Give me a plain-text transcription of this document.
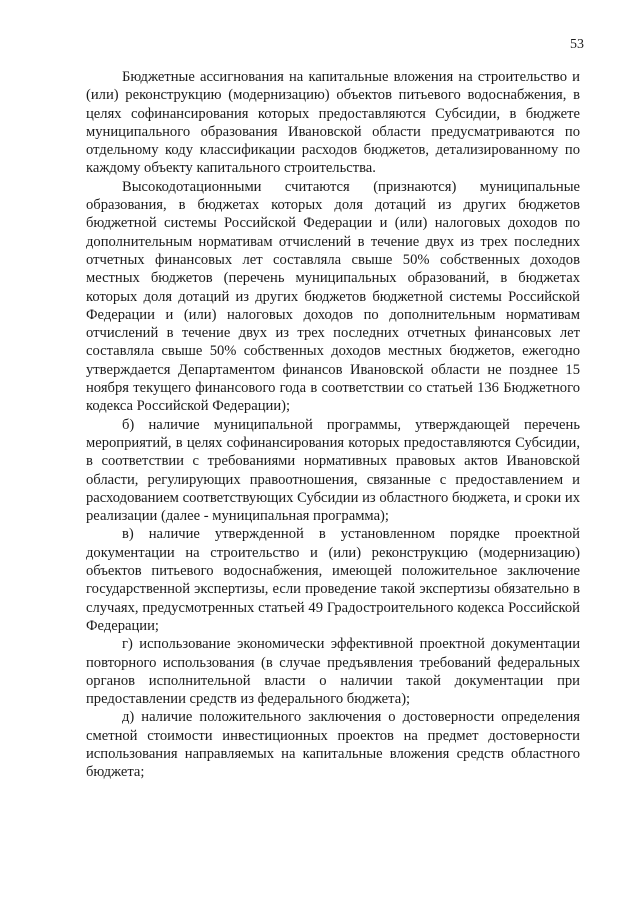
53

Бюджетные ассигнования на капитальные вложения на строительство и (или) реконструкцию (модернизацию) объектов питьевого водоснабжения, в целях софинансирования которых предоставляются Субсидии, в бюджете муниципального образования Ивановской области предусматриваются по отдельному коду классификации расходов бюджетов, детализированному по каждому объекту капитального строительства.

Высокодотационными считаются (признаются) муниципальные образования, в бюджетах которых доля дотаций из других бюджетов бюджетной системы Российской Федерации и (или) налоговых доходов по дополнительным нормативам отчислений в течение двух из трех последних отчетных финансовых лет составляла свыше 50% собственных доходов местных бюджетов (перечень муниципальных образований, в бюджетах которых доля дотаций из других бюджетов бюджетной системы Российской Федерации и (или) налоговых доходов по дополнительным нормативам отчислений в течение двух из трех последних отчетных финансовых лет составляла свыше 50% собственных доходов местных бюджетов, ежегодно утверждается Департаментом финансов Ивановской области не позднее 15 ноября текущего финансового года в соответствии со статьей 136 Бюджетного кодекса Российской Федерации);

б) наличие муниципальной программы, утверждающей перечень мероприятий, в целях софинансирования которых предоставляются Субсидии, в соответствии с требованиями нормативных правовых актов Ивановской области, регулирующих правоотношения, связанные с предоставлением и расходованием соответствующих Субсидии из областного бюджета, и сроки их реализации (далее - муниципальная программа);

в) наличие утвержденной в установленном порядке проектной документации на строительство и (или) реконструкцию (модернизацию) объектов питьевого водоснабжения, имеющей положительное заключение государственной экспертизы, если проведение такой экспертизы обязательно в случаях, предусмотренных статьей 49 Градостроительного кодекса Российской Федерации;

г) использование экономически эффективной проектной документации повторного использования (в случае предъявления требований федеральных органов исполнительной власти о наличии такой документации при предоставлении средств из федерального бюджета);

д) наличие положительного заключения о достоверности определения сметной стоимости инвестиционных проектов на предмет достоверности использования направляемых на капитальные вложения средств областного бюджета;
